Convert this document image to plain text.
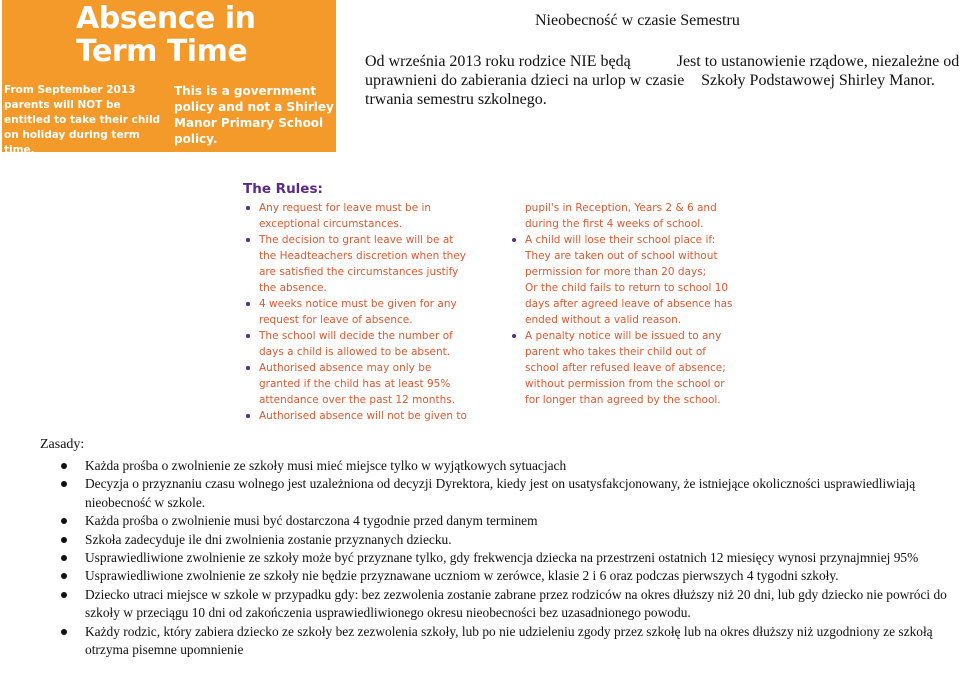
Absence in
Term Time
From September 2013 parents will NOT be entitled to take their child on holiday during term time.
This is a government policy and not a Shirley Manor Primary School policy.
Nieobecność w czasie Semestru
Od września 2013 roku rodzice NIE będą uprawnieni do zabierania dzieci na urlop w czasie trwania semestru szkolnego.
Jest to ustanowienie rządowe, niezależne od Szkoły Podstawowej Shirley Manor.
The Rules:
Any request for leave must be in
exceptional circumstances.
The decision to grant leave will be at
the Headteachers discretion when they
are satisfied the circumstances justify
the absence.
4 weeks notice must be given for any
request for leave of absence.
The school will decide the number of
days a child is allowed to be absent.
Authorised absence may only be
granted if the child has at least 95%
attendance over the past 12 months.
Authorised absence will not be given to
pupil's in Reception, Years 2 & 6 and
during the first 4 weeks of school.
A child will lose their school place if:
They are taken out of school without
permission for more than 20 days;
Or the child fails to return to school 10
days after agreed leave of absence has
ended without a valid reason.
A penalty notice will be issued to any
parent who takes their child out of
school after refused leave of absence;
without permission from the school or
for longer than agreed by the school.
Zasady:
Każda prośba o zwolnienie ze szkoły musi mieć miejsce tylko w wyjątkowych sytuacjach
Decyzja o przyznaniu czasu wolnego jest uzależniona od decyzji Dyrektora, kiedy jest on usatysfakcjonowany, że istniejące okoliczności usprawiedliwiają nieobecność w szkole.
Każda prośba o zwolnienie musi być dostarczona 4 tygodnie przed danym terminem
Szkoła zadecyduje ile dni zwolnienia zostanie przyznanych dziecku.
Usprawiedliwione zwolnienie ze szkoły może być przyznane tylko, gdy frekwencja dziecka na przestrzeni ostatnich 12 miesięcy wynosi przynajmniej 95%
Usprawiedliwione zwolnienie ze szkoły nie będzie przyznawane uczniom w zerówce, klasie 2 i 6 oraz podczas pierwszych 4 tygodni szkoły.
Dziecko utraci miejsce w szkole w przypadku gdy: bez zezwolenia zostanie zabrane przez rodziców na okres dłuższy niż 20 dni, lub gdy dziecko nie powróci do szkoły w przeciągu 10 dni od zakończenia usprawiedliwionego okresu nieobecności bez uzasadnionego powodu.
Każdy rodzic, który zabiera dziecko ze szkoły bez zezwolenia szkoły, lub po nie udzieleniu zgody przez szkołę lub na okres dłuższy niż uzgodniony ze szkołą otrzyma pisemne upomnienie
